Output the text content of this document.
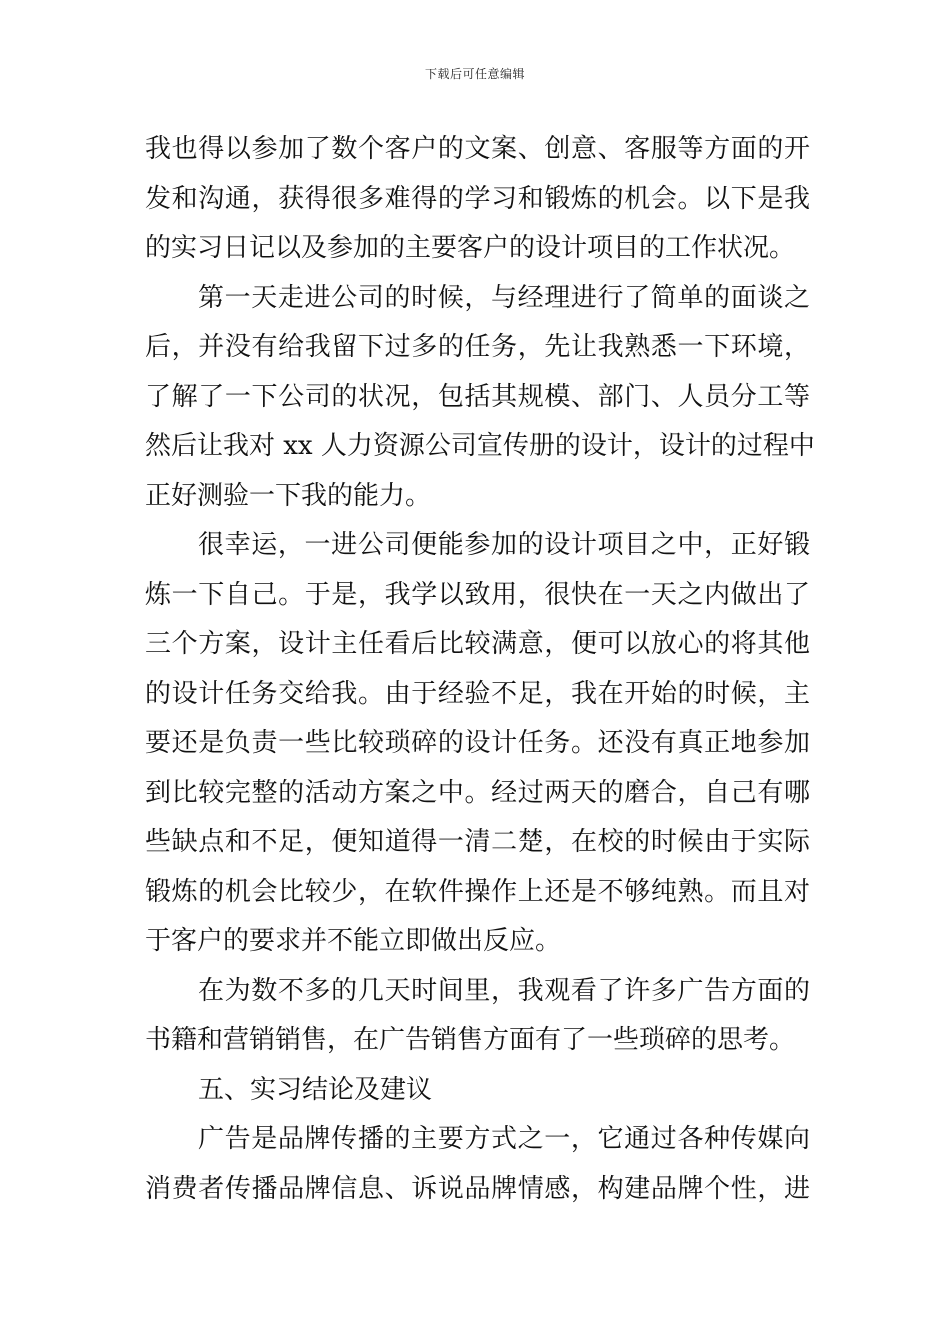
下载后可任意编辑
我也得以参加了数个客户的文案、创意、客服等方面的开
发和沟通，获得很多难得的学习和锻炼的机会。以下是我
的实习日记以及参加的主要客户的设计项目的工作状况。
第一天走进公司的时候，与经理进行了简单的面谈之
后，并没有给我留下过多的任务，先让我熟悉一下环境，
了解了一下公司的状况，包括其规模、部门、人员分工等
然后让我对 xx 人力资源公司宣传册的设计，设计的过程中
正好测验一下我的能力。
很幸运，一进公司便能参加的设计项目之中，正好锻
炼一下自己。于是，我学以致用，很快在一天之内做出了
三个方案，设计主任看后比较满意，便可以放心的将其他
的设计任务交给我。由于经验不足，我在开始的时候，主
要还是负责一些比较琐碎的设计任务。还没有真正地参加
到比较完整的活动方案之中。经过两天的磨合，自己有哪
些缺点和不足，便知道得一清二楚，在校的时候由于实际
锻炼的机会比较少，在软件操作上还是不够纯熟。而且对
于客户的要求并不能立即做出反应。
在为数不多的几天时间里，我观看了许多广告方面的
书籍和营销销售，在广告销售方面有了一些琐碎的思考。
五、实习结论及建议
广告是品牌传播的主要方式之一，它通过各种传媒向
消费者传播品牌信息、诉说品牌情感，构建品牌个性，进
